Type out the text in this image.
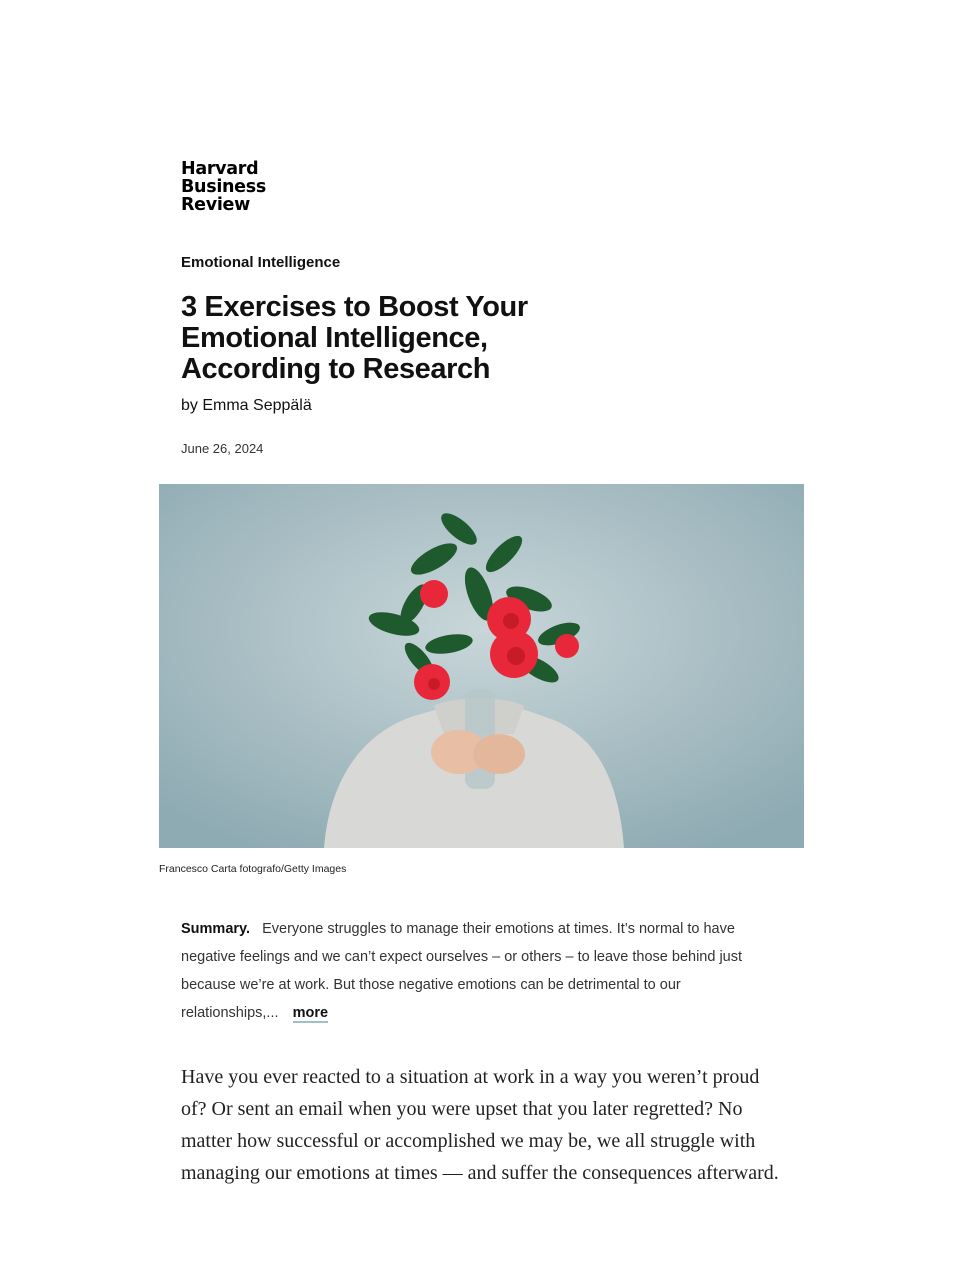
Harvard
Business
Review
Emotional Intelligence
3 Exercises to Boost Your Emotional Intelligence, According to Research
by Emma Seppälä
June 26, 2024
Francesco Carta fotografo/Getty Images
Summary. Everyone struggles to manage their emotions at times. It’s normal to have negative feelings and we can’t expect ourselves – or others – to leave those behind just because we’re at work. But those negative emotions can be detrimental to our relationships,... more

Have you ever reacted to a situation at work in a way you weren’t proud of? Or sent an email when you were upset that you later regretted? No matter how successful or accomplished we may be, we all struggle with managing our emotions at times — and suffer the consequences afterward.
